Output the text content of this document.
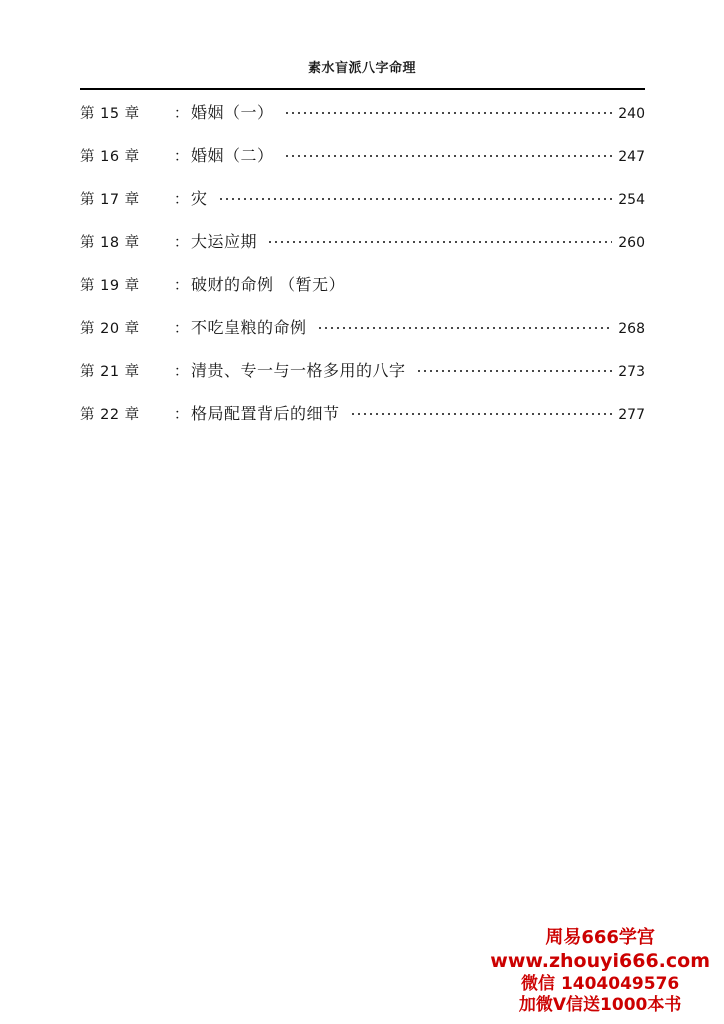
素水盲派八字命理
第 15 章	： 婚姻（一）	240
第 16 章	： 婚姻（二）	247
第 17 章	： 灾	254
第 18 章	： 大运应期	260
第 19 章	： 破财的命例 （暂无）
第 20 章	： 不吃皇粮的命例	268
第 21 章	： 清贵、专一与一格多用的八字	273
第 22 章	： 格局配置背后的细节	277
周易666学宫
www.zhouyi666.com
微信 1404049576
加微V信送1000本书
